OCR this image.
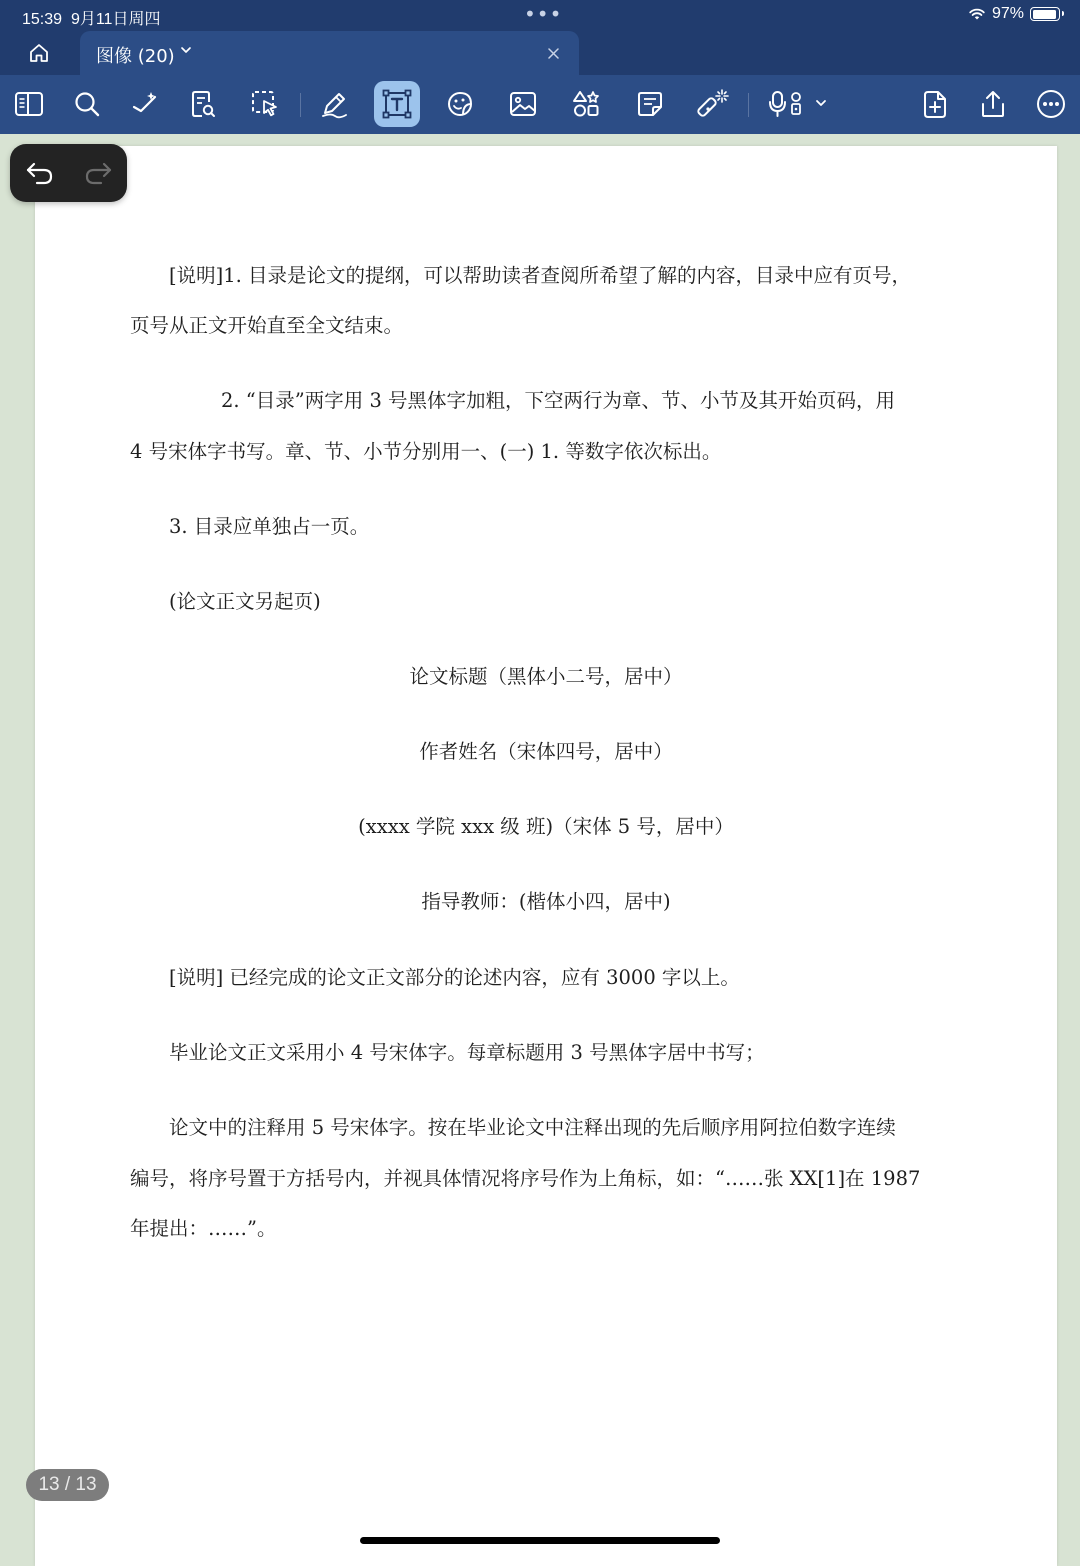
15:39 9月11日周四	•••	97%
图像 (20)
[说明]1. 目录是论文的提纲，可以帮助读者查阅所希望了解的内容，目录中应有页号，
页号从正文开始直至全文结束。
2. “目录”两字用 3 号黑体字加粗，下空两行为章、节、小节及其开始页码，用
4 号宋体字书写。章、节、小节分别用一、(一) 1. 等数字依次标出。
3. 目录应单独占一页。
(论文正文另起页)
论文标题（黑体小二号，居中）
作者姓名（宋体四号，居中）
(xxxx 学院 xxx 级 班)（宋体 5 号，居中）
指导教师：(楷体小四，居中)
[说明] 已经完成的论文正文部分的论述内容，应有 3000 字以上。
毕业论文正文采用小 4 号宋体字。每章标题用 3 号黑体字居中书写；
论文中的注释用 5 号宋体字。按在毕业论文中注释出现的先后顺序用阿拉伯数字连续
编号，将序号置于方括号内，并视具体情况将序号作为上角标，如：“……张 XX[1]在 1987
年提出：……”。
13 / 13
